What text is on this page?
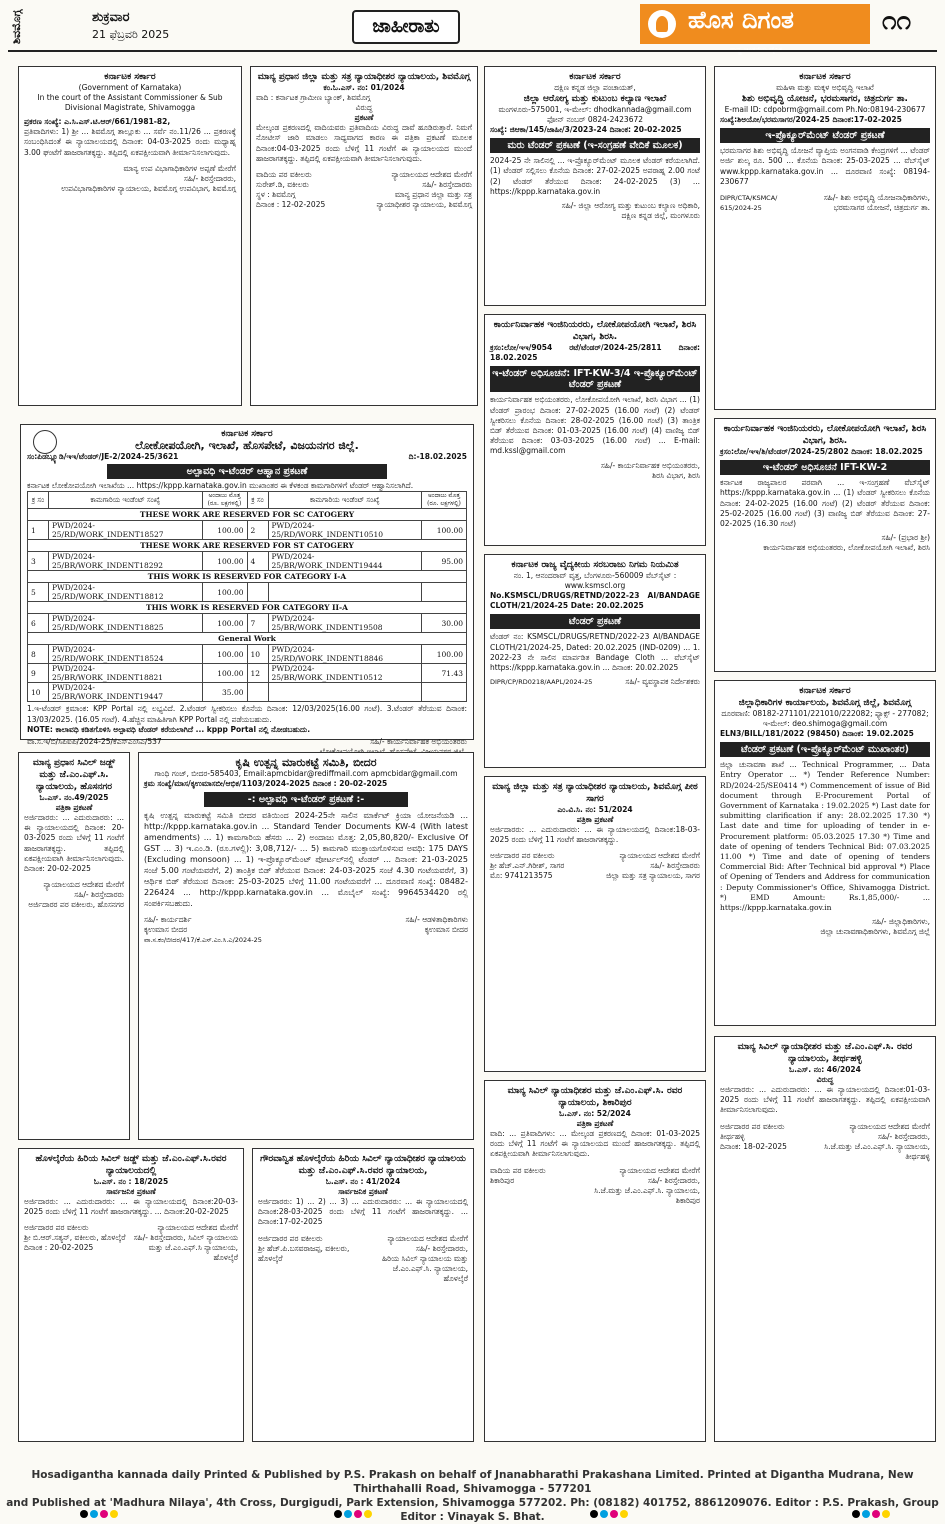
ಶಿವಮೊಗ್ಗ	ಶುಕ್ರವಾರ
21 ಫೆಬ್ರವರಿ 2025	ಜಾಹೀರಾತು	ಹೊಸ ದಿಗಂತ	೧೧
ಕರ್ನಾಟಕ ಸರ್ಕಾರ
(Government of Karnataka)
In the court of the Assistant Commissioner & Sub Divisional Magistrate, Shivamogga
ಪ್ರಕರಣ ಸಂಖ್ಯೆ: ಎ.ಸಿ.ಎಸ್.ಟಿ.ಆರ್/661/1981-82,
ಪ್ರತಿವಾದಿಗಳು: 1) ಶ್ರೀ ... ಶಿವಮೊಗ್ಗ ತಾಲ್ಲೂಕು ... ಸರ್ವೆ ನಂ.11/26 ... ಪ್ರಕರಣಕ್ಕೆ ಸಂಬಂಧಿಸಿದಂತೆ ಈ ನ್ಯಾಯಾಲಯದಲ್ಲಿ ದಿನಾಂಕ: 04-03-2025 ರಂದು ಮಧ್ಯಾಹ್ನ 3.00 ಘಂಟೆಗೆ ಹಾಜರಾಗತಕ್ಕದ್ದು. ತಪ್ಪಿದಲ್ಲಿ ಏಕಪಕ್ಷೀಯವಾಗಿ ತೀರ್ಮಾನಿಸಲಾಗುವುದು.
ಮಾನ್ಯ ಉಪ ವಿಭಾಗಾಧಿಕಾರಿಗಳ ಅಪ್ಪಣೆ ಮೇರೆಗೆ
ಸಹಿ/- ಶಿರಸ್ತೇದಾರರು,
ಉಪವಿಭಾಗಾಧಿಕಾರಿಗಳ ನ್ಯಾಯಾಲಯ, ಶಿವಮೊಗ್ಗ ಉಪವಿಭಾಗ, ಶಿವಮೊಗ್ಗ
ಮಾನ್ಯ ಪ್ರಧಾನ ಜಿಲ್ಲಾ ಮತ್ತು ಸತ್ರ ನ್ಯಾಯಾಧೀಶರ ನ್ಯಾಯಾಲಯ, ಶಿವಮೊಗ್ಗ
ಕಂ.ಓ.ಎಸ್. ನಂ: 01/2024
ವಾದಿ : ಕರ್ನಾಟಕ ಗ್ರಾಮೀಣ ಬ್ಯಾಂಕ್, ಶಿವಮೊಗ್ಗ
ವಿರುದ್ಧ
ಪ್ರಕಟಣೆ
ಮೇಲ್ಕಂಡ ಪ್ರಕರಣದಲ್ಲಿ ವಾದಿಯವರು ಪ್ರತಿವಾದಿಯ ವಿರುದ್ಧ ದಾವೆ ಹೂಡಿರುತ್ತಾರೆ. ನಿಮಗೆ ನೋಟೀಸ್ ಜಾರಿ ಮಾಡಲು ಸಾಧ್ಯವಾಗದ ಕಾರಣ ಈ ಪತ್ರಿಕಾ ಪ್ರಕಟಣೆ ಮೂಲಕ ದಿನಾಂಕ:04-03-2025 ರಂದು ಬೆಳಿಗ್ಗೆ 11 ಗಂಟೆಗೆ ಈ ನ್ಯಾಯಾಲಯದ ಮುಂದೆ ಹಾಜರಾಗತಕ್ಕದ್ದು. ತಪ್ಪಿದಲ್ಲಿ ಏಕಪಕ್ಷೀಯವಾಗಿ ತೀರ್ಮಾನಿಸಲಾಗುವುದು.
ವಾದಿಯ ಪರ ವಕೀಲರು
ಸುರೇಶ್.ಡಿ, ವಕೀಲರು
ಸ್ಥಳ : ಶಿವಮೊಗ್ಗ
ದಿನಾಂಕ : 12-02-2025
ನ್ಯಾಯಾಲಯದ ಆದೇಶದ ಮೇರೆಗೆ
ಸಹಿ/- ಶಿರಸ್ತೇದಾರರು
ಮಾನ್ಯ ಪ್ರಧಾನ ಜಿಲ್ಲಾ ಮತ್ತು ಸತ್ರ ನ್ಯಾಯಾಧೀಶರ ನ್ಯಾಯಾಲಯ, ಶಿವಮೊಗ್ಗ
ಕರ್ನಾಟಕ ಸರ್ಕಾರ
ದಕ್ಷಿಣ ಕನ್ನಡ ಜಿಲ್ಲಾ ಪಂಚಾಯತ್,
ಜಿಲ್ಲಾ ಆರೋಗ್ಯ ಮತ್ತು ಕುಟುಂಬ ಕಲ್ಯಾಣ ಇಲಾಖೆ
ಮಂಗಳೂರು-575001, ಇ-ಮೇಲ್: dhodkannada@gmail.com ಫೋನ್ ನಂಬರ್ 0824-2423672
ಸಂಖ್ಯೆ: ಜಿಆಕಾ/145/ಜಾಹೀ/3/2023-24 ದಿನಾಂಕ: 20-02-2025
ಮರು ಟೆಂಡರ್ ಪ್ರಕಟಣೆ (ಇ-ಸಂಗ್ರಹಣೆ ವೇದಿಕೆ ಮೂಲಕ)
2024-25 ನೇ ಸಾಲಿನಲ್ಲಿ ... ಇ-ಪ್ರೊಕ್ಯೂರ್‌ಮೆಂಟ್ ಮೂಲಕ ಟೆಂಡರ್ ಕರೆಯಲಾಗಿದೆ. (1) ಟೆಂಡರ್ ಸಲ್ಲಿಸಲು ಕೊನೆಯ ದಿನಾಂಕ: 27-02-2025 ಅಪರಾಹ್ನ 2.00 ಗಂಟೆ (2) ಟೆಂಡರ್ ತೆರೆಯುವ ದಿನಾಂಕ: 24-02-2025 (3) ... https://kppp.karnataka.gov.in
ಸಹಿ/- ಜಿಲ್ಲಾ ಆರೋಗ್ಯ ಮತ್ತು ಕುಟುಂಬ ಕಲ್ಯಾಣ ಅಧಿಕಾರಿ,
ದಕ್ಷಿಣ ಕನ್ನಡ ಜಿಲ್ಲೆ, ಮಂಗಳೂರು
ಕರ್ನಾಟಕ ಸರ್ಕಾರ
ಮಹಿಳಾ ಮತ್ತು ಮಕ್ಕಳ ಅಭಿವೃದ್ಧಿ ಇಲಾಖೆ
ಶಿಶು ಅಭಿವೃದ್ಧಿ ಯೋಜನೆ, ಭರಮಸಾಗರ, ಚಿತ್ರದುರ್ಗ ತಾ.
E-mail ID: cdpobrm@gmail.com Ph.No:08194-230677
ಸಂಖ್ಯೆ:ಶಿಅಯೋ/ಭರಮಸಾಗರ/2024-25 ದಿನಾಂಕ:17-02-2025
ಇ-ಪ್ರೊಕ್ಯೂರ್‌ಮೆಂಟ್ ಟೆಂಡರ್ ಪ್ರಕಟಣೆ
ಭರಮಸಾಗರ ಶಿಶು ಅಭಿವೃದ್ಧಿ ಯೋಜನೆ ವ್ಯಾಪ್ತಿಯ ಅಂಗನವಾಡಿ ಕೇಂದ್ರಗಳಿಗೆ ... ಟೆಂಡರ್ ಅರ್ಜಿ ಶುಲ್ಕ ರೂ. 500 ... ಕೊನೆಯ ದಿನಾಂಕ: 25-03-2025 ... ವೆಬ್‌ಸೈಟ್ www.kppp.karnataka.gov.in ... ದೂರವಾಣಿ ಸಂಖ್ಯೆ: 08194-230677
DIPR/CTA/KSMCA/ 615/2024-25
ಸಹಿ/- ಶಿಶು ಅಭಿವೃದ್ಧಿ ಯೋಜನಾಧಿಕಾರಿಗಳು,
ಭರಮಸಾಗರ ಯೋಜನೆ, ಚಿತ್ರದುರ್ಗ ತಾ.
ಕಾರ್ಯನಿರ್ವಾಹಕ ಇಂಜಿನಿಯರರು, ಲೋಕೋಪಯೋಗಿ ಇಲಾಖೆ, ಶಿರಸಿ ವಿಭಾಗ, ಶಿರಸಿ.
ಕ್ರಸಂ:ಲೋ/ಇಇ/9054 ರಟೆ/ಟೆಂಡರ್/2024-25/2811 ದಿನಾಂಕ: 18.02.2025
ಇ-ಟೆಂಡರ್ ಅಧಿಸೂಚನೆ: IFT-KW-3/4 ಇ-ಪ್ರೊಕ್ಯೂರ್‌ಮೆಂಟ್ ಟೆಂಡರ್ ಪ್ರಕಟಣೆ
ಕಾರ್ಯನಿರ್ವಾಹಕ ಅಭಿಯಂತರರು, ಲೋಕೋಪಯೋಗಿ ಇಲಾಖೆ, ಶಿರಸಿ ವಿಭಾಗ ... (1) ಟೆಂಡರ್ ಪ್ರಾರಂಭ ದಿನಾಂಕ: 27-02-2025 (16.00 ಗಂಟೆ) (2) ಟೆಂಡರ್ ಸ್ವೀಕರಿಸಲು ಕೊನೆಯ ದಿನಾಂಕ: 28-02-2025 (16.00 ಗಂಟೆ) (3) ತಾಂತ್ರಿಕ ಬಿಡ್ ತೆರೆಯುವ ದಿನಾಂಕ: 01-03-2025 (16.00 ಗಂಟೆ) (4) ವಾಣಿಜ್ಯ ಬಿಡ್ ತೆರೆಯುವ ದಿನಾಂಕ: 03-03-2025 (16.00 ಗಂಟೆ) ... E-mail: md.kssl@gmail.com
ಸಹಿ/- ಕಾರ್ಯನಿರ್ವಾಹಕ ಅಭಿಯಂತರರು,
ಶಿರಸಿ ವಿಭಾಗ, ಶಿರಸಿ
ಕಾರ್ಯನಿರ್ವಾಹಕ ಇಂಜಿನಿಯರರು, ಲೋಕೋಪಯೋಗಿ ಇಲಾಖೆ, ಶಿರಸಿ ವಿಭಾಗ, ಶಿರಸಿ.
ಕ್ರಸಂ:ಲೋ/ಇಇ/ಶಿ/ಟೆಂಡರ್/2024-25/2802 ದಿನಾಂಕ: 18.02.2025
ಇ-ಟೆಂಡರ್ ಅಧಿಸೂಚನೆ IFT-KW-2
ಕರ್ನಾಟಕ ರಾಜ್ಯಪಾಲರ ಪರವಾಗಿ ... ಇ-ಸಂಗ್ರಹಣೆ ವೆಬ್‌ಸೈಟ್ https://kppp.karnataka.gov.in ... (1) ಟೆಂಡರ್ ಸ್ವೀಕರಿಸಲು ಕೊನೆಯ ದಿನಾಂಕ: 24-02-2025 (16.00 ಗಂಟೆ) (2) ಟೆಂಡರ್ ತೆರೆಯುವ ದಿನಾಂಕ: 25-02-2025 (16.00 ಗಂಟೆ) (3) ವಾಣಿಜ್ಯ ಬಿಡ್ ತೆರೆಯುವ ದಿನಾಂಕ: 27-02-2025 (16.30 ಗಂಟೆ)
ಸಹಿ/- (ಪ್ರಭಾರ ಶ್ರೀ)
ಕಾರ್ಯನಿರ್ವಾಹಕ ಅಭಿಯಂತರರು, ಲೋಕೋಪಯೋಗಿ ಇಲಾಖೆ, ಶಿರಸಿ
ಕರ್ನಾಟಕ ರಾಜ್ಯ ವೈದ್ಯಕೀಯ ಸರಬರಾಜು ನಿಗಮ ನಿಯಮಿತ
ನಂ. 1, ಆನಂದರಾವ್ ವೃತ್ತ, ಬೆಂಗಳೂರು-560009 ವೆಬ್‌ಸೈಟ್ : www.ksmscl.org
No.KSMSCL/DRUGS/RETND/2022-23 AI/BANDAGE CLOTH/21/2024-25 Date: 20.02.2025
ಟೆಂಡರ್ ಪ್ರಕಟಣೆ
ಟೆಂಡರ್ ನಂ: KSMSCL/DRUGS/RETND/2022-23 AI/BANDAGE CLOTH/21/2024-25, Dated: 20.02.2025 (IND-0209) ... 1. 2022-23 ನೇ ಸಾಲಿನ ಮಾರ್ಪಡಿತ Bandage Cloth ... ವೆಬ್‌ಸೈಟ್ https://kppp.karnataka.gov.in ... ದಿನಾಂಕ: 20.02.2025
DIPR/CP/RD0218/AAPL/2024-25	ಸಹಿ/- ವ್ಯವಸ್ಥಾಪಕ ನಿರ್ದೇಶಕರು
ಕರ್ನಾಟಕ ಸರ್ಕಾರ
ಲೋಕೋಪಯೋಗಿ, ಇಲಾಖೆ, ಹೊಸಪೇಟೆ, ವಿಜಯನಗರ ಜಿಲ್ಲೆ.
ಸಂ:ಪಿಡಬ್ಲ್ಯೂಡಿ/ಇಇ/ಟೆಂಡರ್/JE-2/2024-25/3621	ದಿ:-18.02.2025
ಅಲ್ಪಾವಧಿ ಇ-ಟೆಂಡರ್ ಆಹ್ವಾನ ಪ್ರಕಟಣೆ
ಕರ್ನಾಟಕ ಲೋಕೋಪಯೋಗಿ ಇಲಾಖೆಯ ... https://kppp.karnataka.gov.in ಮುಖಾಂತರ ಈ ಕೆಳಕಂಡ ಕಾಮಗಾರಿಗಳಿಗೆ ಟೆಂಡರ್ ಆಹ್ವಾನಿಸಲಾಗಿದೆ.
ಕ್ರ ಸಂ	ಕಾಮಗಾರಿಯ ಇಂಡೆಂಟ್ ಸಂಖ್ಯೆ	ಅಂದಾಜು ಮೊತ್ತ (ರೂ. ಲಕ್ಷಗಳಲ್ಲಿ)	ಕ್ರ ಸಂ	ಕಾಮಗಾರಿಯ ಇಂಡೆಂಟ್ ಸಂಖ್ಯೆ	ಅಂದಾಜು ಮೊತ್ತ (ರೂ. ಲಕ್ಷಗಳಲ್ಲಿ)
THESE WORK ARE RESERVED FOR SC CATOGERY					
1	PWD/2024-25/RD/WORK_INDENT18527	100.00	2	PWD/2024-25/RD/WORK_INDENT10510	100.00
THESE WORK ARE RESERVED FOR ST CATOGERY					
3	PWD/2024-25/BR/WORK_INDENT18292	100.00	4	PWD/2024-25/BR/WORK_INDENT19444	95.00
THIS WORK IS RESERVED FOR CATEGORY I-A					
5	PWD/2024-25/RD/WORK_INDENT18812	100.00			
THIS WORK IS RESERVED FOR CATEGORY II-A					
6	PWD/2024-25/RD/WORK_INDENT18825	100.00	7	PWD/2024-25/BR/WORK_INDENT19508	30.00
General Work					
8	PWD/2024-25/RD/WORK_INDENT18524	100.00	10	PWD/2024-25/RD/WORK_INDENT18846	100.00
9	PWD/2024-25/BR/WORK_INDENT18821	100.00	12	PWD/2024-25/BR/WORK_INDENT10512	71.43
10	PWD/2024-25/BR/WORK_INDENT19447	35.00			
1.ಇ-ಟೆಂಡರ್ ಕ್ರಮಾಂಕ: KPP Portal ನಲ್ಲಿ ಲಭ್ಯವಿದೆ. 2.ಟೆಂಡರ್ ಸ್ವೀಕರಿಸಲು ಕೊನೆಯ ದಿನಾಂಕ: 12/03/2025(16.00 ಗಂಟೆ). 3.ಟೆಂಡರ್ ತೆರೆಯುವ ದಿನಾಂಕ: 13/03/2025. (16.05 ಗಂಟೆ). 4.ಹೆಚ್ಚಿನ ಮಾಹಿತಿಗಾಗಿ KPP Portal ನಲ್ಲಿ ಪಡೆಯಬಹುದು.
NOTE: ಕಾಲಾವಧಿ ಕಡಿತಗೊಳಿಸಿ ಅಲ್ಪಾವಧಿ ಟೆಂಡರ್ ಕರೆಯಲಾಗಿದೆ ... kppp Portal ನಲ್ಲಿ ನೋಡಬಹುದು.
ವಾ.ಸ.ಇ/ಬಿ/ಸಿಪಿಐಪಿ/2024-25/ಕೆಎಸ್‌ಎಂಸಿಎ/537	ಸಹಿ/- ಕಾರ್ಯನಿರ್ವಾಹಕ ಅಭಿಯಂತರರು
ಮಾನ್ಯ ಪ್ರಧಾನ ಸಿವಿಲ್ ಜಡ್ಜ್ ಮತ್ತು ಜೆ.ಎಂ.ಎಫ್.ಸಿ. ನ್ಯಾಯಾಲಯ, ಹೊಸನಗರ
ಓ.ಎಸ್. ನಂ.49/2025
ಪತ್ರಿಕಾ ಪ್ರಕಟಣೆ
ಅರ್ಜಿದಾರರು: ... ಎದುರುದಾರರು: ... ಈ ನ್ಯಾಯಾಲಯದಲ್ಲಿ ದಿನಾಂಕ: 20-03-2025 ರಂದು ಬೆಳಿಗ್ಗೆ 11 ಗಂಟೆಗೆ ಹಾಜರಾಗತಕ್ಕದ್ದು. ತಪ್ಪಿದಲ್ಲಿ ಏಕಪಕ್ಷೀಯವಾಗಿ ತೀರ್ಮಾನಿಸಲಾಗುವುದು. ದಿನಾಂಕ: 20-02-2025
ನ್ಯಾಯಾಲಯದ ಆದೇಶದ ಮೇರೆಗೆ
ಸಹಿ/- ಶಿರಸ್ತೇದಾರರು
ಅರ್ಜಿದಾರರ ಪರ ವಕೀಲರು, ಹೊಸನಗರ
ಕೃಷಿ ಉತ್ಪನ್ನ ಮಾರುಕಟ್ಟೆ ಸಮಿತಿ, ಬೀದರ
ಗಾಂಧಿ ಗಂಜ್, ಬೀದರ-585403, Email:apmcbidar@rediffmail.com apmcbidar@gmail.com
ಕ್ರಮ ಸಂಖ್ಯೆ/ಮಾಸ/ಕೃಉಮಾಸಬೀ/ಆಭಿಕ/1103/2024-2025 ದಿನಾಂಕ : 20-02-2025
-: ಅಲ್ಪಾವಧಿ ಇ-ಟೆಂಡರ್ ಪ್ರಕಟಣೆ :-
ಕೃಷಿ ಉತ್ಪನ್ನ ಮಾರುಕಟ್ಟೆ ಸಮಿತಿ ಬೀದರ ವತಿಯಿಂದ 2024-25ನೇ ಸಾಲಿನ ಮಾರ್ಕೆಟ್ ಕ್ರಿಯಾ ಯೋಜನೆಯಡಿ ... http://kppp.karnataka.gov.in ... Standard Tender Documents KW-4 (With latest amendments) ... 1) ಕಾಮಗಾರಿಯ ಹೆಸರು ... 2) ಅಂದಾಜು ಮೊತ್ತ: 2,05,80,820/- Exclusive Of GST ... 3) ಇ.ಎಂ.ಡಿ. (ರೂ.ಗಳಲ್ಲಿ): 3,08,712/- ... 5) ಕಾಮಗಾರಿ ಮುಕ್ತಾಯಗೊಳಿಸುವ ಅವಧಿ: 175 DAYS (Excluding monsoon) ... 1) ಇ-ಪ್ರೊಕ್ಯೂರ್‌ಮೆಂಟ್ ಪೋರ್ಟಲ್‌ನಲ್ಲಿ ಟೆಂಡರ್ ... ದಿನಾಂಕ: 21-03-2025 ಸಂಜೆ 5.00 ಗಂಟೆಯವರೆಗೆ, 2) ತಾಂತ್ರಿಕ ಬಿಡ್ ತೆರೆಯುವ ದಿನಾಂಕ: 24-03-2025 ಸಂಜೆ 4.30 ಗಂಟೆಯವರೆಗೆ, 3) ಆರ್ಥಿಕ ಬಿಡ್ ತೆರೆಯುವ ದಿನಾಂಕ: 25-03-2025 ಬೆಳಿಗ್ಗೆ 11.00 ಗಂಟೆಯವರೆಗೆ ... ದೂರವಾಣಿ ಸಂಖ್ಯೆ: 08482-226424 ... http://kppp.karnataka.gov.in ... ಮೊಬೈಲ್ ಸಂಖ್ಯೆ: 9964534420 ರಲ್ಲಿ ಸಂಪರ್ಕಿಸಬಹುದು.
ಸಹಿ/- ಕಾರ್ಯದರ್ಶಿ
ಕೃಉಮಾಸ ಬೀದರ
ಸಹಿ/- ಆಡಳಿತಾಧಿಕಾರಿಗಳು
ಕೃಉಮಾಸ ಬೀದರ
ವಾ.ಸ.ಕಂ/ಬೀದರ/417/ಕೆ.ಎಸ್.ಎಂ.ಸಿ.ಎ/2024-25
ಮಾನ್ಯ ಜಿಲ್ಲಾ ಮತ್ತು ಸತ್ರ ನ್ಯಾಯಾಧೀಶರ ನ್ಯಾಯಾಲಯ, ಶಿವಮೊಗ್ಗ ಪೀಠ ಸಾಗರ
ಎಂ.ವಿ.ಸಿ. ನಂ: 51/2024
ಪತ್ರಿಕಾ ಪ್ರಕಟಣೆ
ಅರ್ಜಿದಾರರು: ... ಎದುರುದಾರರು: ... ಈ ನ್ಯಾಯಾಲಯದಲ್ಲಿ ದಿನಾಂಕ:18-03-2025 ರಂದು ಬೆಳಿಗ್ಗೆ 11 ಗಂಟೆಗೆ ಹಾಜರಾಗತಕ್ಕದ್ದು.
ಅರ್ಜಿದಾರರ ಪರ ವಕೀಲರು
ಶ್ರೀ ಹೆಚ್.ಎನ್.ಗಿರೀಶ್, ಸಾಗರ
ಮೊ: 9741213575
ನ್ಯಾಯಾಲಯದ ಆದೇಶದ ಮೇರೆಗೆ
ಸಹಿ/- ಶಿರಸ್ತೇದಾರರು
ಜಿಲ್ಲಾ ಮತ್ತು ಸತ್ರ ನ್ಯಾಯಾಲಯ, ಸಾಗರ
ಕರ್ನಾಟಕ ಸರ್ಕಾರ
ಜಿಲ್ಲಾಧಿಕಾರಿಗಳ ಕಾರ್ಯಾಲಯ, ಶಿವಮೊಗ್ಗ ಜಿಲ್ಲೆ, ಶಿವಮೊಗ್ಗ
ದೂರವಾಣಿ: 08182-271101/221010/222082; ಫ್ಯಾಕ್ಸ್ - 277082; ಇ-ಮೇಲ್: deo.shimoga@gmail.com
ELN3/BILL/181/2022 (98450) ದಿನಾಂಕ: 19.02.2025
ಟೆಂಡರ್ ಪ್ರಕಟಣೆ (ಇ-ಪ್ರೊಕ್ಯೂರ್‌ಮೆಂಟ್ ಮುಖಾಂತರ)
ಜಿಲ್ಲಾ ಚುನಾವಣಾ ಶಾಖೆ ... Technical Programmer, ... Data Entry Operator ... *) Tender Reference Number: RD/2024-25/SE0414 *) Commencement of issue of Bid document through E-Procurement Portal of Government of Karnataka : 19.02.2025 *) Last date for submitting clarification if any: 28.02.2025 17.30 *) Last date and time for uploading of tender in e-Procurement platform: 05.03.2025 17.30 *) Time and date of opening of tenders Technical Bid: 07.03.2025 11.00 *) Time and date of opening of tenders Commercial Bid: After Technical bid approval *) Place of Opening of Tenders and Address for communication : Deputy Commissioner's Office, Shivamogga District. *) EMD Amount: Rs.1,85,000/- ... https://kppp.karnataka.gov.in
ಸಹಿ/- ಜಿಲ್ಲಾಧಿಕಾರಿಗಳು,
ಜಿಲ್ಲಾ ಚುನಾವಣಾಧಿಕಾರಿಗಳು, ಶಿವಮೊಗ್ಗ ಜಿಲ್ಲೆ
ಮಾನ್ಯ ಸಿವಿಲ್ ನ್ಯಾಯಾಧೀಶರ ಮತ್ತು ಜೆ.ಎಂ.ಎಫ್.ಸಿ. ರವರ ನ್ಯಾಯಾಲಯ, ಶಿಕಾರಿಪುರ
ಓ.ಎಸ್. ನಂ: 52/2024
ಪತ್ರಿಕಾ ಪ್ರಕಟಣೆ
ವಾದಿ: ... ಪ್ರತಿವಾದಿಗಳು: ... ಮೇಲ್ಕಂಡ ಪ್ರಕರಣದಲ್ಲಿ ದಿನಾಂಕ: 01-03-2025 ರಂದು ಬೆಳಿಗ್ಗೆ 11 ಗಂಟೆಗೆ ಈ ನ್ಯಾಯಾಲಯದ ಮುಂದೆ ಹಾಜರಾಗತಕ್ಕದ್ದು. ತಪ್ಪಿದಲ್ಲಿ ಏಕಪಕ್ಷೀಯವಾಗಿ ತೀರ್ಮಾನಿಸಲಾಗುವುದು.
ವಾದಿಯ ಪರ ವಕೀಲರು
ಶಿಕಾರಿಪುರ
ನ್ಯಾಯಾಲಯದ ಆದೇಶದ ಮೇರೆಗೆ
ಸಹಿ/- ಶಿರಸ್ತೇದಾರರು,
ಸಿ.ಜೆ.ಮತ್ತು ಜೆ.ಎಂ.ಎಫ್.ಸಿ. ನ್ಯಾಯಾಲಯ, ಶಿಕಾರಿಪುರ
ಮಾನ್ಯ ಸಿವಿಲ್ ನ್ಯಾಯಾಧೀಶರ ಮತ್ತು ಜೆ.ಎಂ.ಎಫ್.ಸಿ. ರವರ ನ್ಯಾಯಾಲಯ, ತೀರ್ಥಹಳ್ಳಿ
ಓ.ಎಸ್. ನಂ: 46/2024
ವಿರುದ್ಧ
ಅರ್ಜಿದಾರರು: ... ಎದುರುದಾರರು: ... ಈ ನ್ಯಾಯಾಲಯದಲ್ಲಿ ದಿನಾಂಕ:01-03-2025 ರಂದು ಬೆಳಿಗ್ಗೆ 11 ಗಂಟೆಗೆ ಹಾಜರಾಗತಕ್ಕದ್ದು. ತಪ್ಪಿದಲ್ಲಿ ಏಕಪಕ್ಷೀಯವಾಗಿ ತೀರ್ಮಾನಿಸಲಾಗುವುದು.
ಅರ್ಜಿದಾರರ ಪರ ವಕೀಲರು
ತೀರ್ಥಹಳ್ಳಿ
ದಿನಾಂಕ: 18-02-2025
ನ್ಯಾಯಾಲಯದ ಆದೇಶದ ಮೇರೆಗೆ
ಸಹಿ/- ಶಿರಸ್ತೇದಾರರು,
ಸಿ.ಜೆ.ಮತ್ತು ಜೆ.ಎಂ.ಎಫ್.ಸಿ. ನ್ಯಾಯಾಲಯ, ತೀರ್ಥಹಳ್ಳಿ
ಹೊಳಲ್ಕೆರೆಯ ಹಿರಿಯ ಸಿವಿಲ್ ಜಡ್ಜ್ ಮತ್ತು ಜೆ.ಎಂ.ಎಫ್.ಸಿ.ರವರ ನ್ಯಾಯಾಲಯದಲ್ಲಿ
ಓ.ಎಸ್. ನಂ : 18/2025
ಸಾರ್ವಜನಿಕ ಪ್ರಕಟಣೆ
ಅರ್ಜಿದಾರರು: ... ಎದುರುದಾರರು: ... ಈ ನ್ಯಾಯಾಲಯದಲ್ಲಿ ದಿನಾಂಕ:20-03-2025 ರಂದು ಬೆಳಿಗ್ಗೆ 11 ಗಂಟೆಗೆ ಹಾಜರಾಗತಕ್ಕದ್ದು. ... ದಿನಾಂಕ:20-02-2025
ಅರ್ಜಿದಾರರ ಪರ ವಕೀಲರು
ಶ್ರೀ ಬಿ.ಆರ್.ಸತ್ಯನ್, ವಕೀಲರು, ಹೊಳಲ್ಕೆರೆ
ದಿನಾಂಕ : 20-02-2025
ನ್ಯಾಯಾಲಯದ ಆದೇಶದ ಮೇರೆಗೆ
ಸಹಿ/- ಶಿರಸ್ತೇದಾರರು, ಸಿವಿಲ್ ನ್ಯಾಯಾಲಯ
ಮತ್ತು ಜೆ.ಎಂ.ಎಫ್.ಸಿ ನ್ಯಾಯಾಲಯ, ಹೊಳಲ್ಕೆರೆ
ಗೌರವಾನ್ವಿತ ಹೊಳಲ್ಕೆರೆಯ ಹಿರಿಯ ಸಿವಿಲ್ ನ್ಯಾಯಾಧೀಶರ ನ್ಯಾಯಾಲಯ ಮತ್ತು ಜೆ.ಎಂ.ಎಫ್.ಸಿ.ರವರ ನ್ಯಾಯಾಲಯ,
ಓ.ಎಸ್. ನಂ : 41/2024
ಸಾರ್ವಜನಿಕ ಪ್ರಕಟಣೆ
ಅರ್ಜಿದಾರರು: 1) ... 2) ... 3) ... ಎದುರುದಾರರು: ... ಈ ನ್ಯಾಯಾಲಯದಲ್ಲಿ ದಿನಾಂಕ:28-03-2025 ರಂದು ಬೆಳಿಗ್ಗೆ 11 ಗಂಟೆಗೆ ಹಾಜರಾಗತಕ್ಕದ್ದು. ... ದಿನಾಂಕ:17-02-2025
ಅರ್ಜಿದಾರರ ಪರ ವಕೀಲರು
ಶ್ರೀ ಹೆಚ್.ಪಿ.ಬಸವರಾಜಪ್ಪ, ವಕೀಲರು, ಹೊಳಲ್ಕೆರೆ
ನ್ಯಾಯಾಲಯದ ಆದೇಶದ ಮೇರೆಗೆ
ಸಹಿ/- ಶಿರಸ್ತೇದಾರರು,
ಹಿರಿಯ ಸಿವಿಲ್ ನ್ಯಾಯಾಲಯ ಮತ್ತು ಜೆ.ಎಂ.ಎಫ್.ಸಿ. ನ್ಯಾಯಾಲಯ, ಹೊಳಲ್ಕೆರೆ
Hosadigantha kannada daily Printed & Published by P.S. Prakash on behalf of Jnanabharathi Prakashana Limited. Printed at Digantha Mudrana, New Thirthahalli Road, Shivamogga - 577201
and Published at 'Madhura Nilaya', 4th Cross, Durgigudi, Park Extension, Shivamogga 577202. Ph: (08182) 401752, 8861209076. Editor : P.S. Prakash, Group Editor : Vinayak S. Bhat.
